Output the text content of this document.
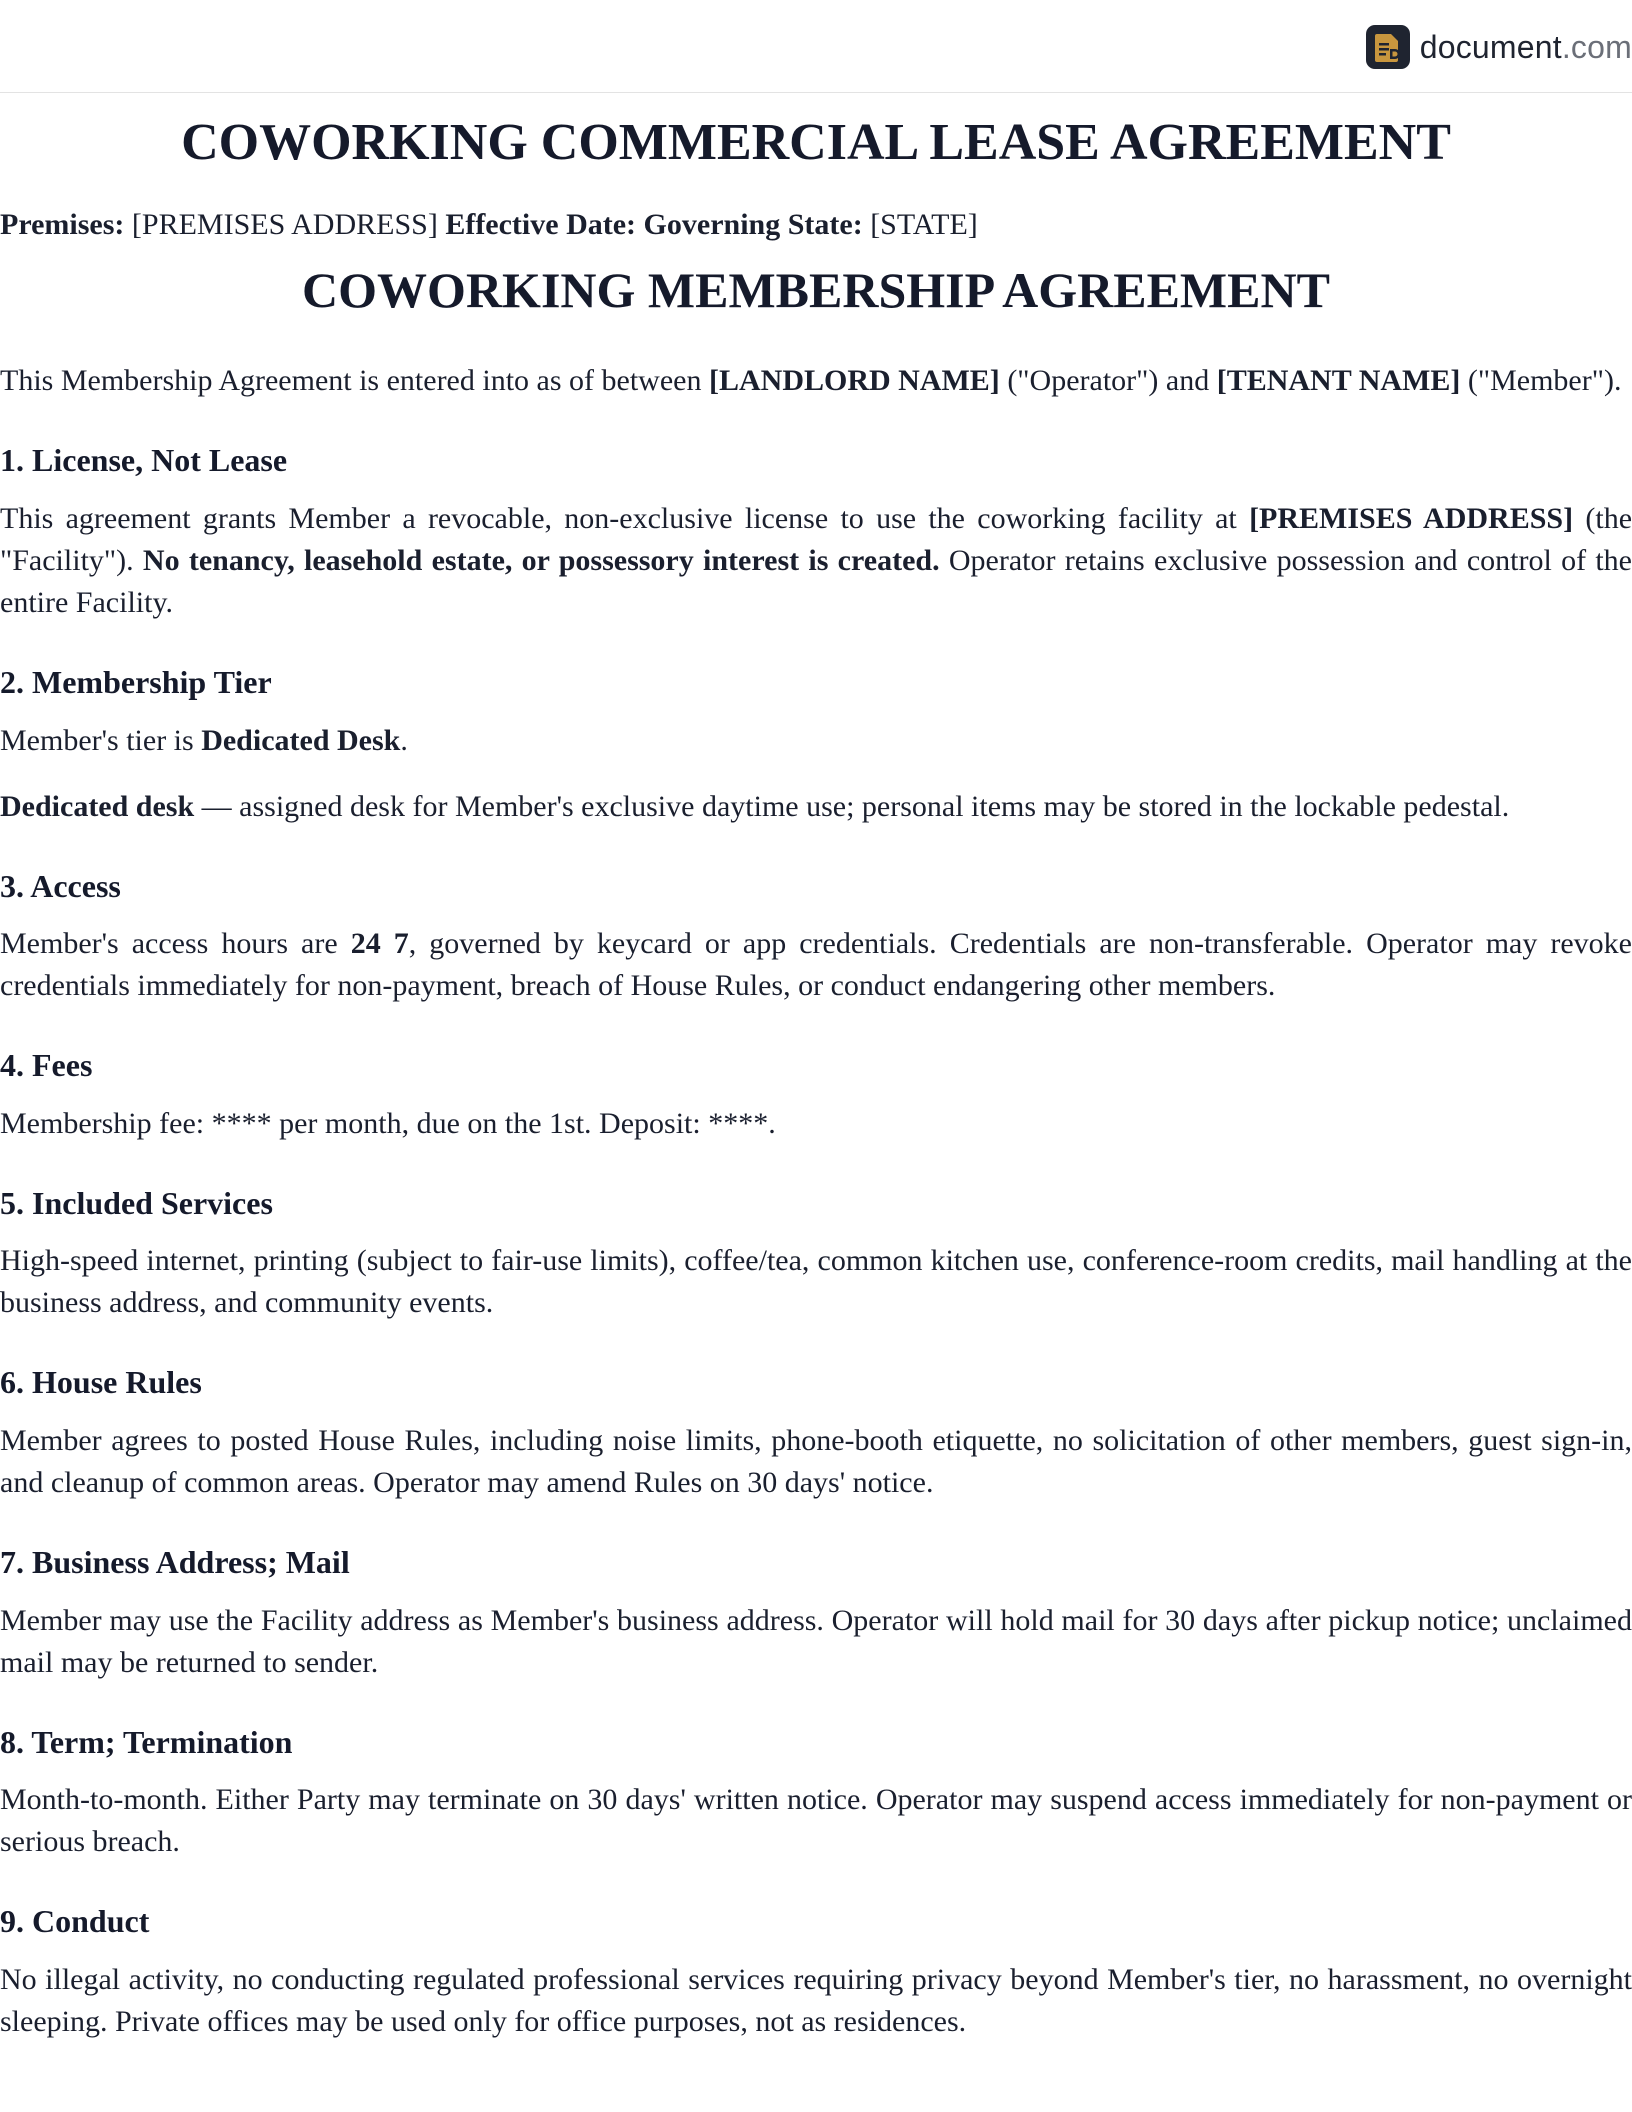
document.com
COWORKING COMMERCIAL LEASE AGREEMENT

Premises: [PREMISES ADDRESS] Effective Date: Governing State: [STATE]

COWORKING MEMBERSHIP AGREEMENT

This Membership Agreement is entered into as of between [LANDLORD NAME] ("Operator") and [TENANT NAME] ("Member").

1. License, Not Lease

This agreement grants Member a revocable, non-exclusive license to use the coworking facility at [PREMISES ADDRESS] (the "Facility"). No tenancy, leasehold estate, or possessory interest is created. Operator retains exclusive possession and control of the entire Facility.

2. Membership Tier

Member's tier is Dedicated Desk.

Dedicated desk — assigned desk for Member's exclusive daytime use; personal items may be stored in the lockable pedestal.

3. Access

Member's access hours are 24 7, governed by keycard or app credentials. Credentials are non-transferable. Operator may revoke credentials immediately for non-payment, breach of House Rules, or conduct endangering other members.

4. Fees

Membership fee: **** per month, due on the 1st. Deposit: ****.

5. Included Services

High-speed internet, printing (subject to fair-use limits), coffee/tea, common kitchen use, conference-room credits, mail handling at the business address, and community events.

6. House Rules

Member agrees to posted House Rules, including noise limits, phone-booth etiquette, no solicitation of other members, guest sign-in, and cleanup of common areas. Operator may amend Rules on 30 days' notice.

7. Business Address; Mail

Member may use the Facility address as Member's business address. Operator will hold mail for 30 days after pickup notice; unclaimed mail may be returned to sender.

8. Term; Termination

Month-to-month. Either Party may terminate on 30 days' written notice. Operator may suspend access immediately for non-payment or serious breach.

9. Conduct

No illegal activity, no conducting regulated professional services requiring privacy beyond Member's tier, no harassment, no overnight sleeping. Private offices may be used only for office purposes, not as residences.
